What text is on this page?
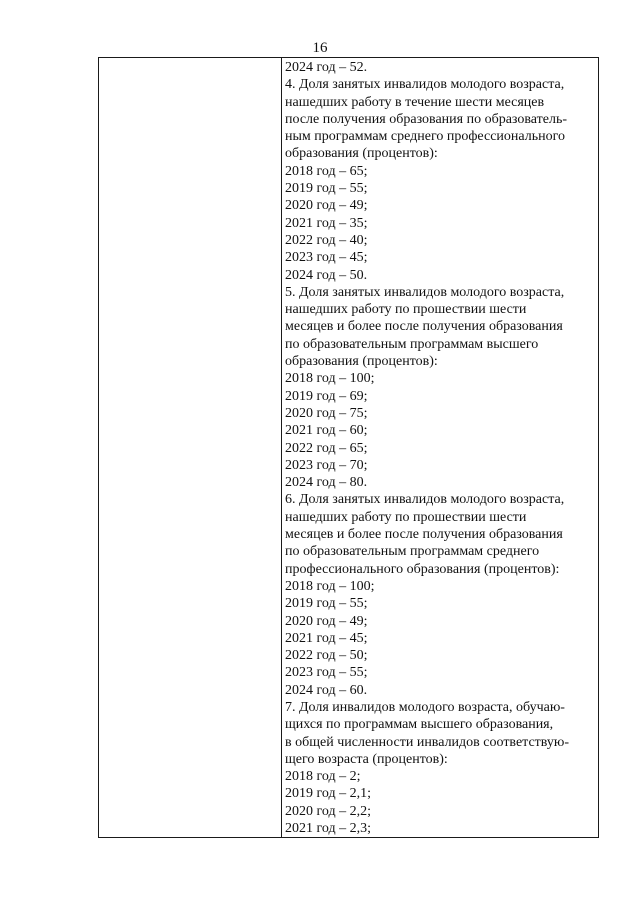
16
2024 год – 52.
4. Доля занятых инвалидов молодого возраста,
нашедших работу в течение шести месяцев
после получения образования по образователь-
ным программам среднего профессионального
образования (процентов):
2018 год – 65;
2019 год – 55;
2020 год – 49;
2021 год – 35;
2022 год – 40;
2023 год – 45;
2024 год – 50.
5. Доля занятых инвалидов молодого возраста,
нашедших работу по прошествии шести
месяцев и более после получения образования
по образовательным программам высшего
образования (процентов):
2018 год – 100;
2019 год – 69;
2020 год – 75;
2021 год – 60;
2022 год – 65;
2023 год – 70;
2024 год – 80.
6. Доля занятых инвалидов молодого возраста,
нашедших работу по прошествии шести
месяцев и более после получения образования
по образовательным программам среднего
профессионального образования (процентов):
2018 год – 100;
2019 год – 55;
2020 год – 49;
2021 год – 45;
2022 год – 50;
2023 год – 55;
2024 год – 60.
7. Доля инвалидов молодого возраста, обучаю-
щихся по программам высшего образования,
в общей численности инвалидов соответствую-
щего возраста (процентов):
2018 год – 2;
2019 год – 2,1;
2020 год – 2,2;
2021 год – 2,3;
